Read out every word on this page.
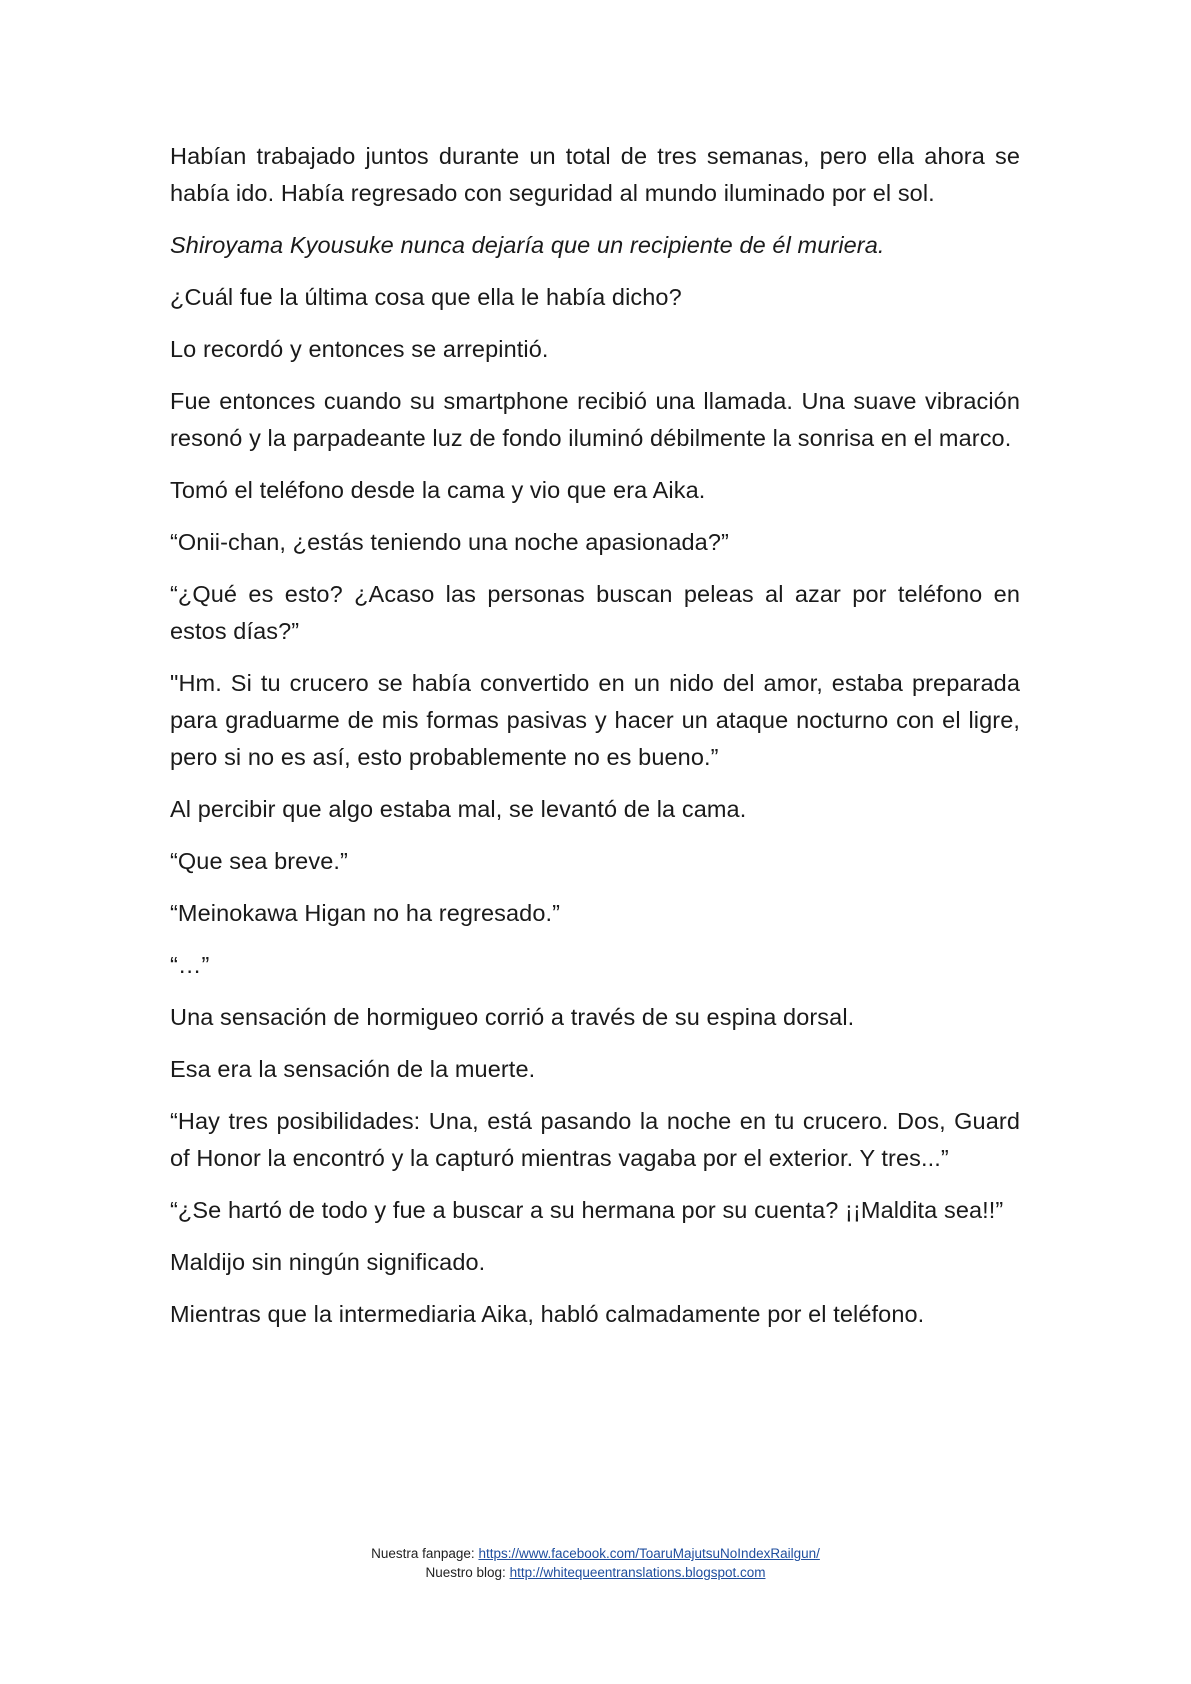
Habían trabajado juntos durante un total de tres semanas, pero ella ahora se había ido. Había regresado con seguridad al mundo iluminado por el sol.

Shiroyama Kyousuke nunca dejaría que un recipiente de él muriera.

¿Cuál fue la última cosa que ella le había dicho?

Lo recordó y entonces se arrepintió.

Fue entonces cuando su smartphone recibió una llamada. Una suave vibración resonó y la parpadeante luz de fondo iluminó débilmente la sonrisa en el marco.

Tomó el teléfono desde la cama y vio que era Aika.

“Onii-chan, ¿estás teniendo una noche apasionada?”

“¿Qué es esto? ¿Acaso las personas buscan peleas al azar por teléfono en estos días?”

"Hm. Si tu crucero se había convertido en un nido del amor, estaba preparada para graduarme de mis formas pasivas y hacer un ataque nocturno con el ligre, pero si no es así, esto probablemente no es bueno.”

Al percibir que algo estaba mal, se levantó de la cama.

“Que sea breve.”

“Meinokawa Higan no ha regresado.”

“…”

Una sensación de hormigueo corrió a través de su espina dorsal.

Esa era la sensación de la muerte.

“Hay tres posibilidades: Una, está pasando la noche en tu crucero. Dos, Guard of Honor la encontró y la capturó mientras vagaba por el exterior. Y tres...”

“¿Se hartó de todo y fue a buscar a su hermana por su cuenta? ¡¡Maldita sea!!”

Maldijo sin ningún significado.

Mientras que la intermediaria Aika, habló calmadamente por el teléfono.

Nuestra fanpage: https://www.facebook.com/ToaruMajutsuNoIndexRailgun/
Nuestro blog: http://whitequeentranslations.blogspot.com
